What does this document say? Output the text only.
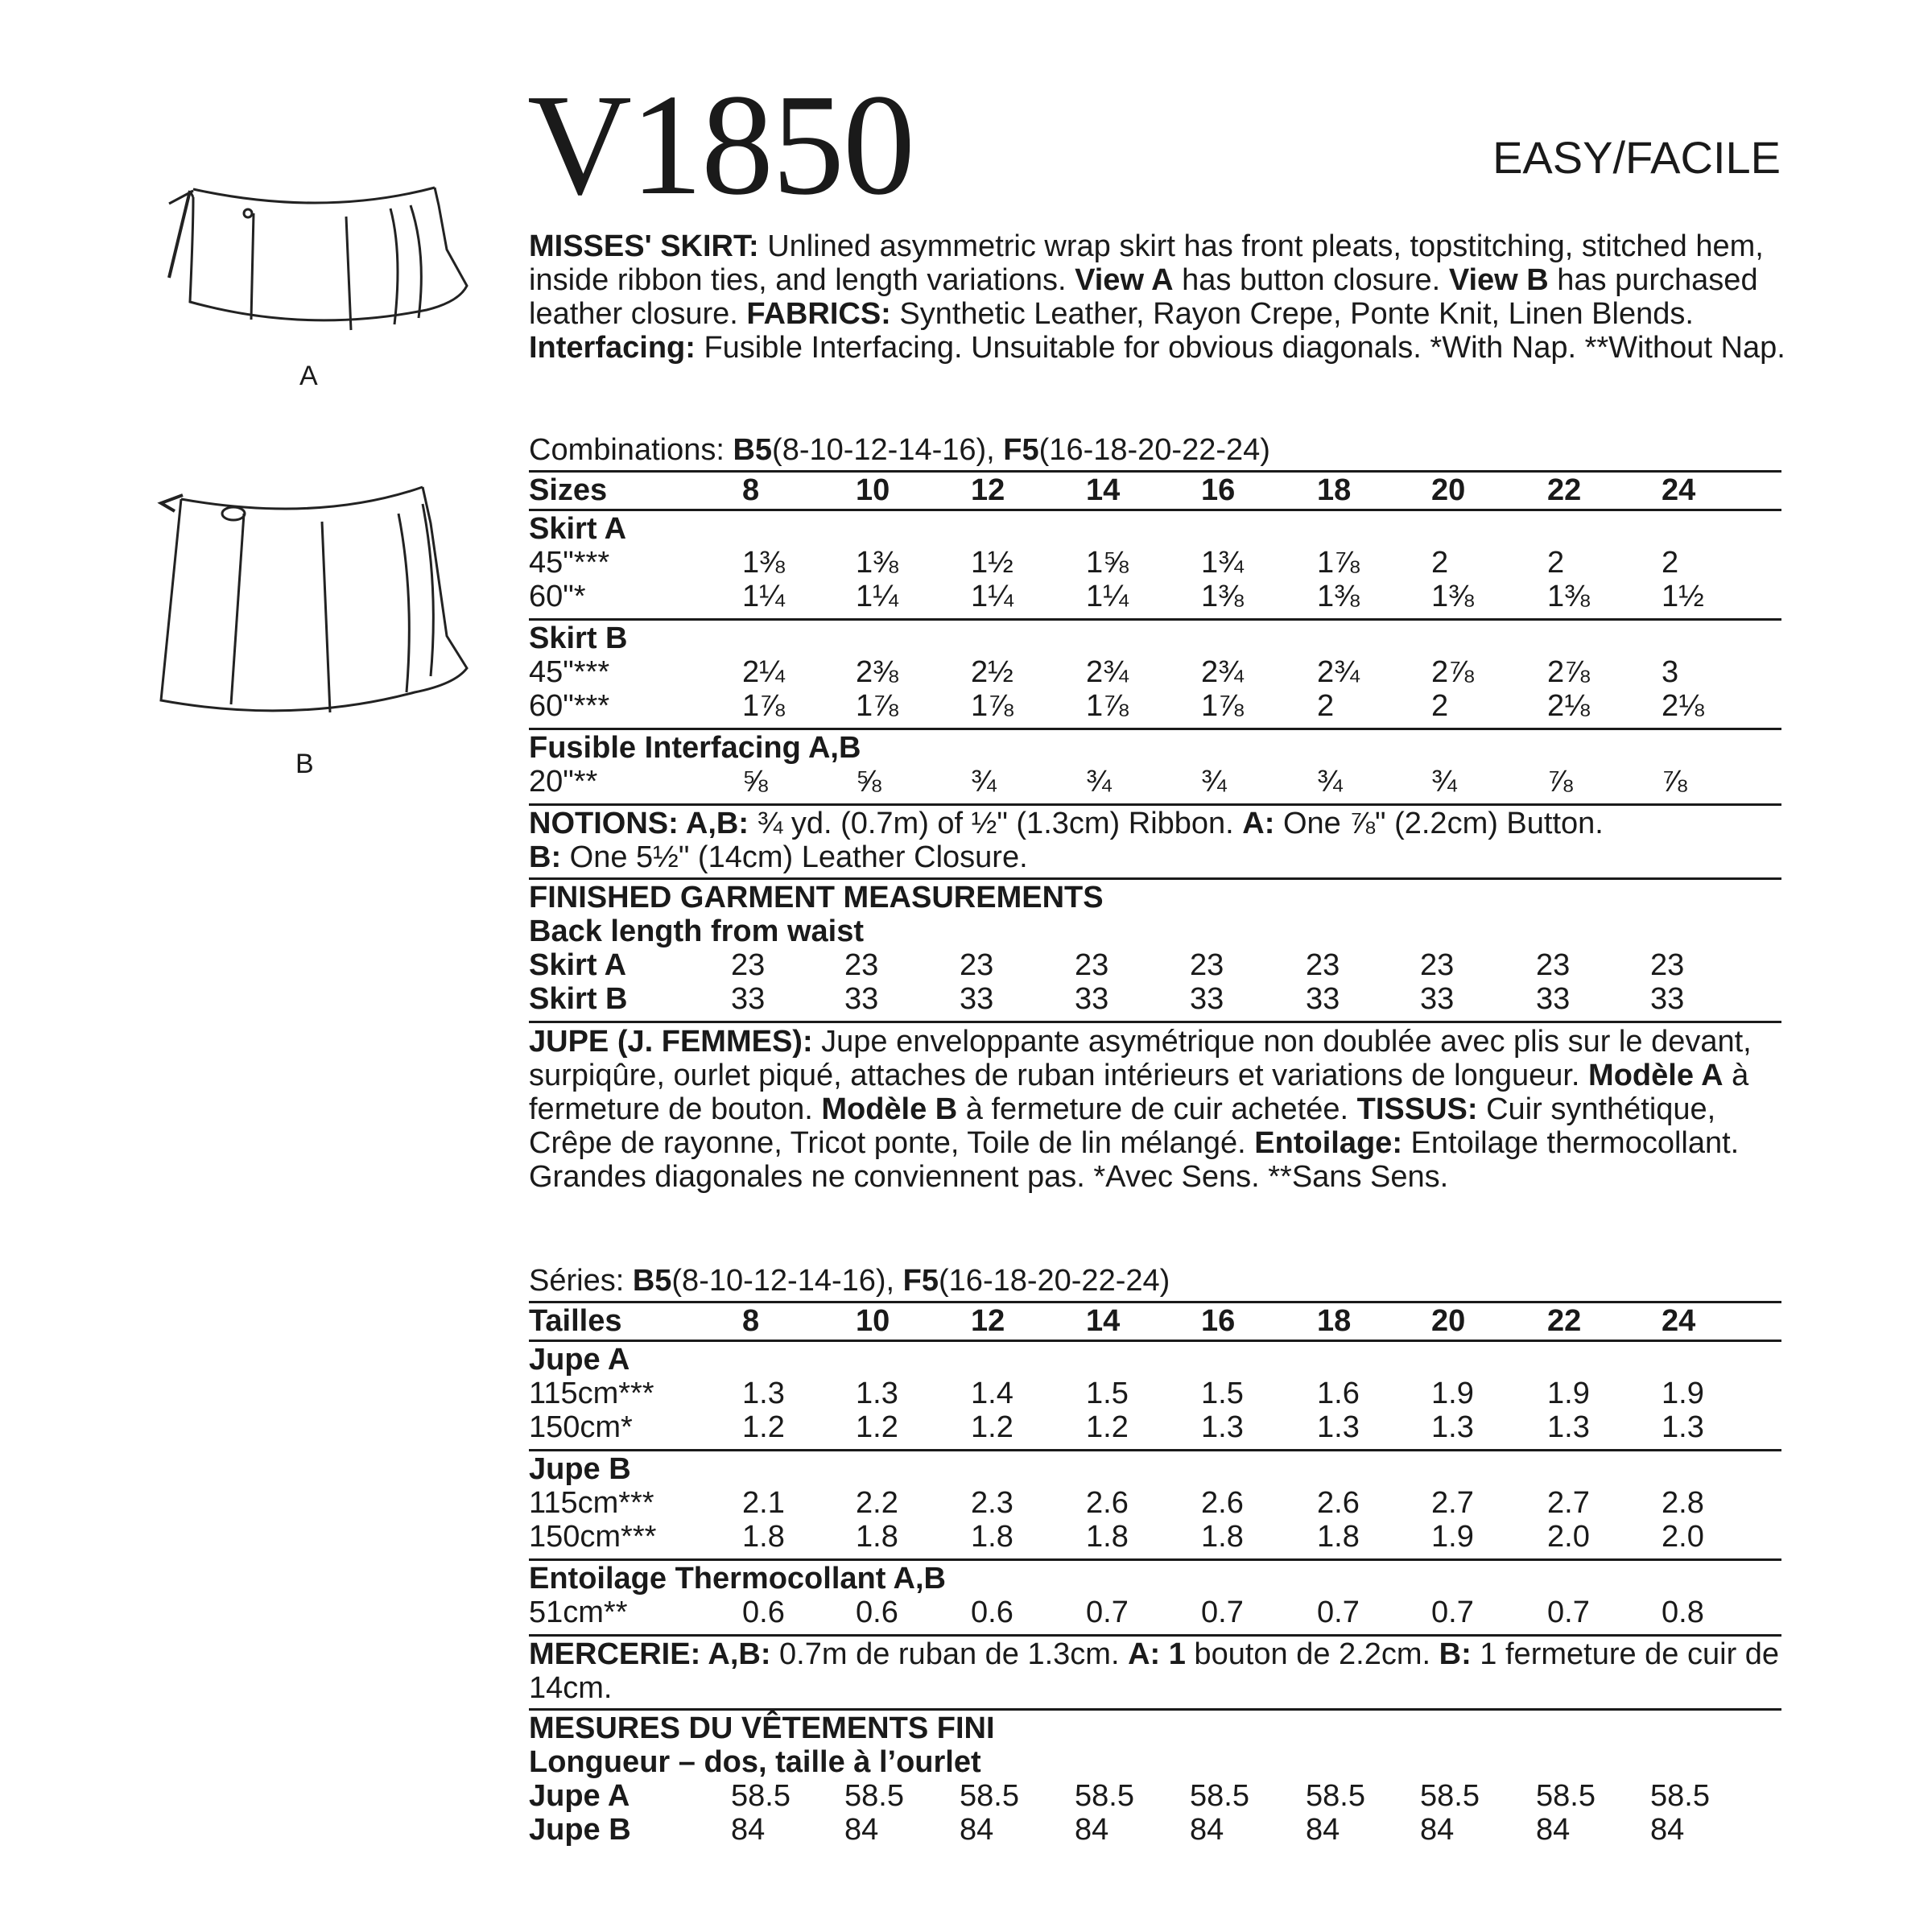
V1850	EASY/FACILE
A
B
MISSES' SKIRT: Unlined asymmetric wrap skirt has front pleats, topstitching, stitched hem, inside ribbon ties, and length variations. View A has button closure. View B has purchased leather closure. FABRICS: Synthetic Leather, Rayon Crepe, Ponte Knit, Linen Blends. Interfacing: Fusible Interfacing. Unsuitable for obvious diagonals. *With Nap. **Without Nap.
Combinations: B5(8-10-12-14-16), F5(16-18-20-22-24)
Sizes	8	10	12	14	16	18	20	22	24
Skirt A
45"***	1⅜ 1⅜ 1½ 1⅝ 1¾ 1⅞ 2	2	2
60"*	1¼ 1¼ 1¼ 1¼ 1⅜ 1⅜ 1⅜ 1⅜ 1½
Skirt B
45"***	2¼ 2⅜ 2½ 2¾ 2¾ 2¾ 2⅞ 2⅞ 3
60"***	1⅞ 1⅞ 1⅞ 1⅞ 1⅞ 2	2	2⅛ 2⅛
Fusible Interfacing A,B
20"**	⅝	⅝	¾	¾	¾	¾	¾	⅞	⅞
NOTIONS: A,B: ¾ yd. (0.7m) of ½" (1.3cm) Ribbon. A: One ⅞" (2.2cm) Button.
B: One 5½" (14cm) Leather Closure.
FINISHED GARMENT MEASUREMENTS
Back length from waist
Skirt A	23	23	23	23	23	23	23	23	23
Skirt B	33	33	33	33	33	33	33	33	33
JUPE (J. FEMMES): Jupe enveloppante asymétrique non doublée avec plis sur le devant, surpiqûre, ourlet piqué, attaches de ruban intérieurs et variations de longueur. Modèle A à fermeture de bouton. Modèle B à fermeture de cuir achetée. TISSUS: Cuir synthétique, Crêpe de rayonne, Tricot ponte, Toile de lin mélangé. Entoilage: Entoilage thermocollant. Grandes diagonales ne conviennent pas. *Avec Sens. **Sans Sens.
Séries: B5(8-10-12-14-16), F5(16-18-20-22-24)
Tailles	8	10	12	14	16	18	20	22	24
Jupe A
115cm***	1.3 1.3 1.4 1.5 1.5 1.6 1.9 1.9 1.9
150cm*	1.2 1.2 1.2 1.2 1.3 1.3 1.3 1.3 1.3
Jupe B
115cm***	2.1 2.2 2.3 2.6 2.6 2.6 2.7 2.7 2.8
150cm***	1.8 1.8 1.8 1.8 1.8 1.8 1.9 2.0 2.0
Entoilage Thermocollant A,B
51cm**	0.6 0.6 0.6 0.7 0.7 0.7 0.7 0.7 0.8
MERCERIE: A,B: 0.7m de ruban de 1.3cm. A: 1 bouton de 2.2cm. B: 1 fermeture de cuir de 14cm.
MESURES DU VÊTEMENTS FINI
Longueur – dos, taille à l’ourlet
Jupe A	58.5 58.5 58.5 58.5 58.5 58.5 58.5 58.5 58.5
Jupe B	84	84	84	84	84	84	84	84	84
